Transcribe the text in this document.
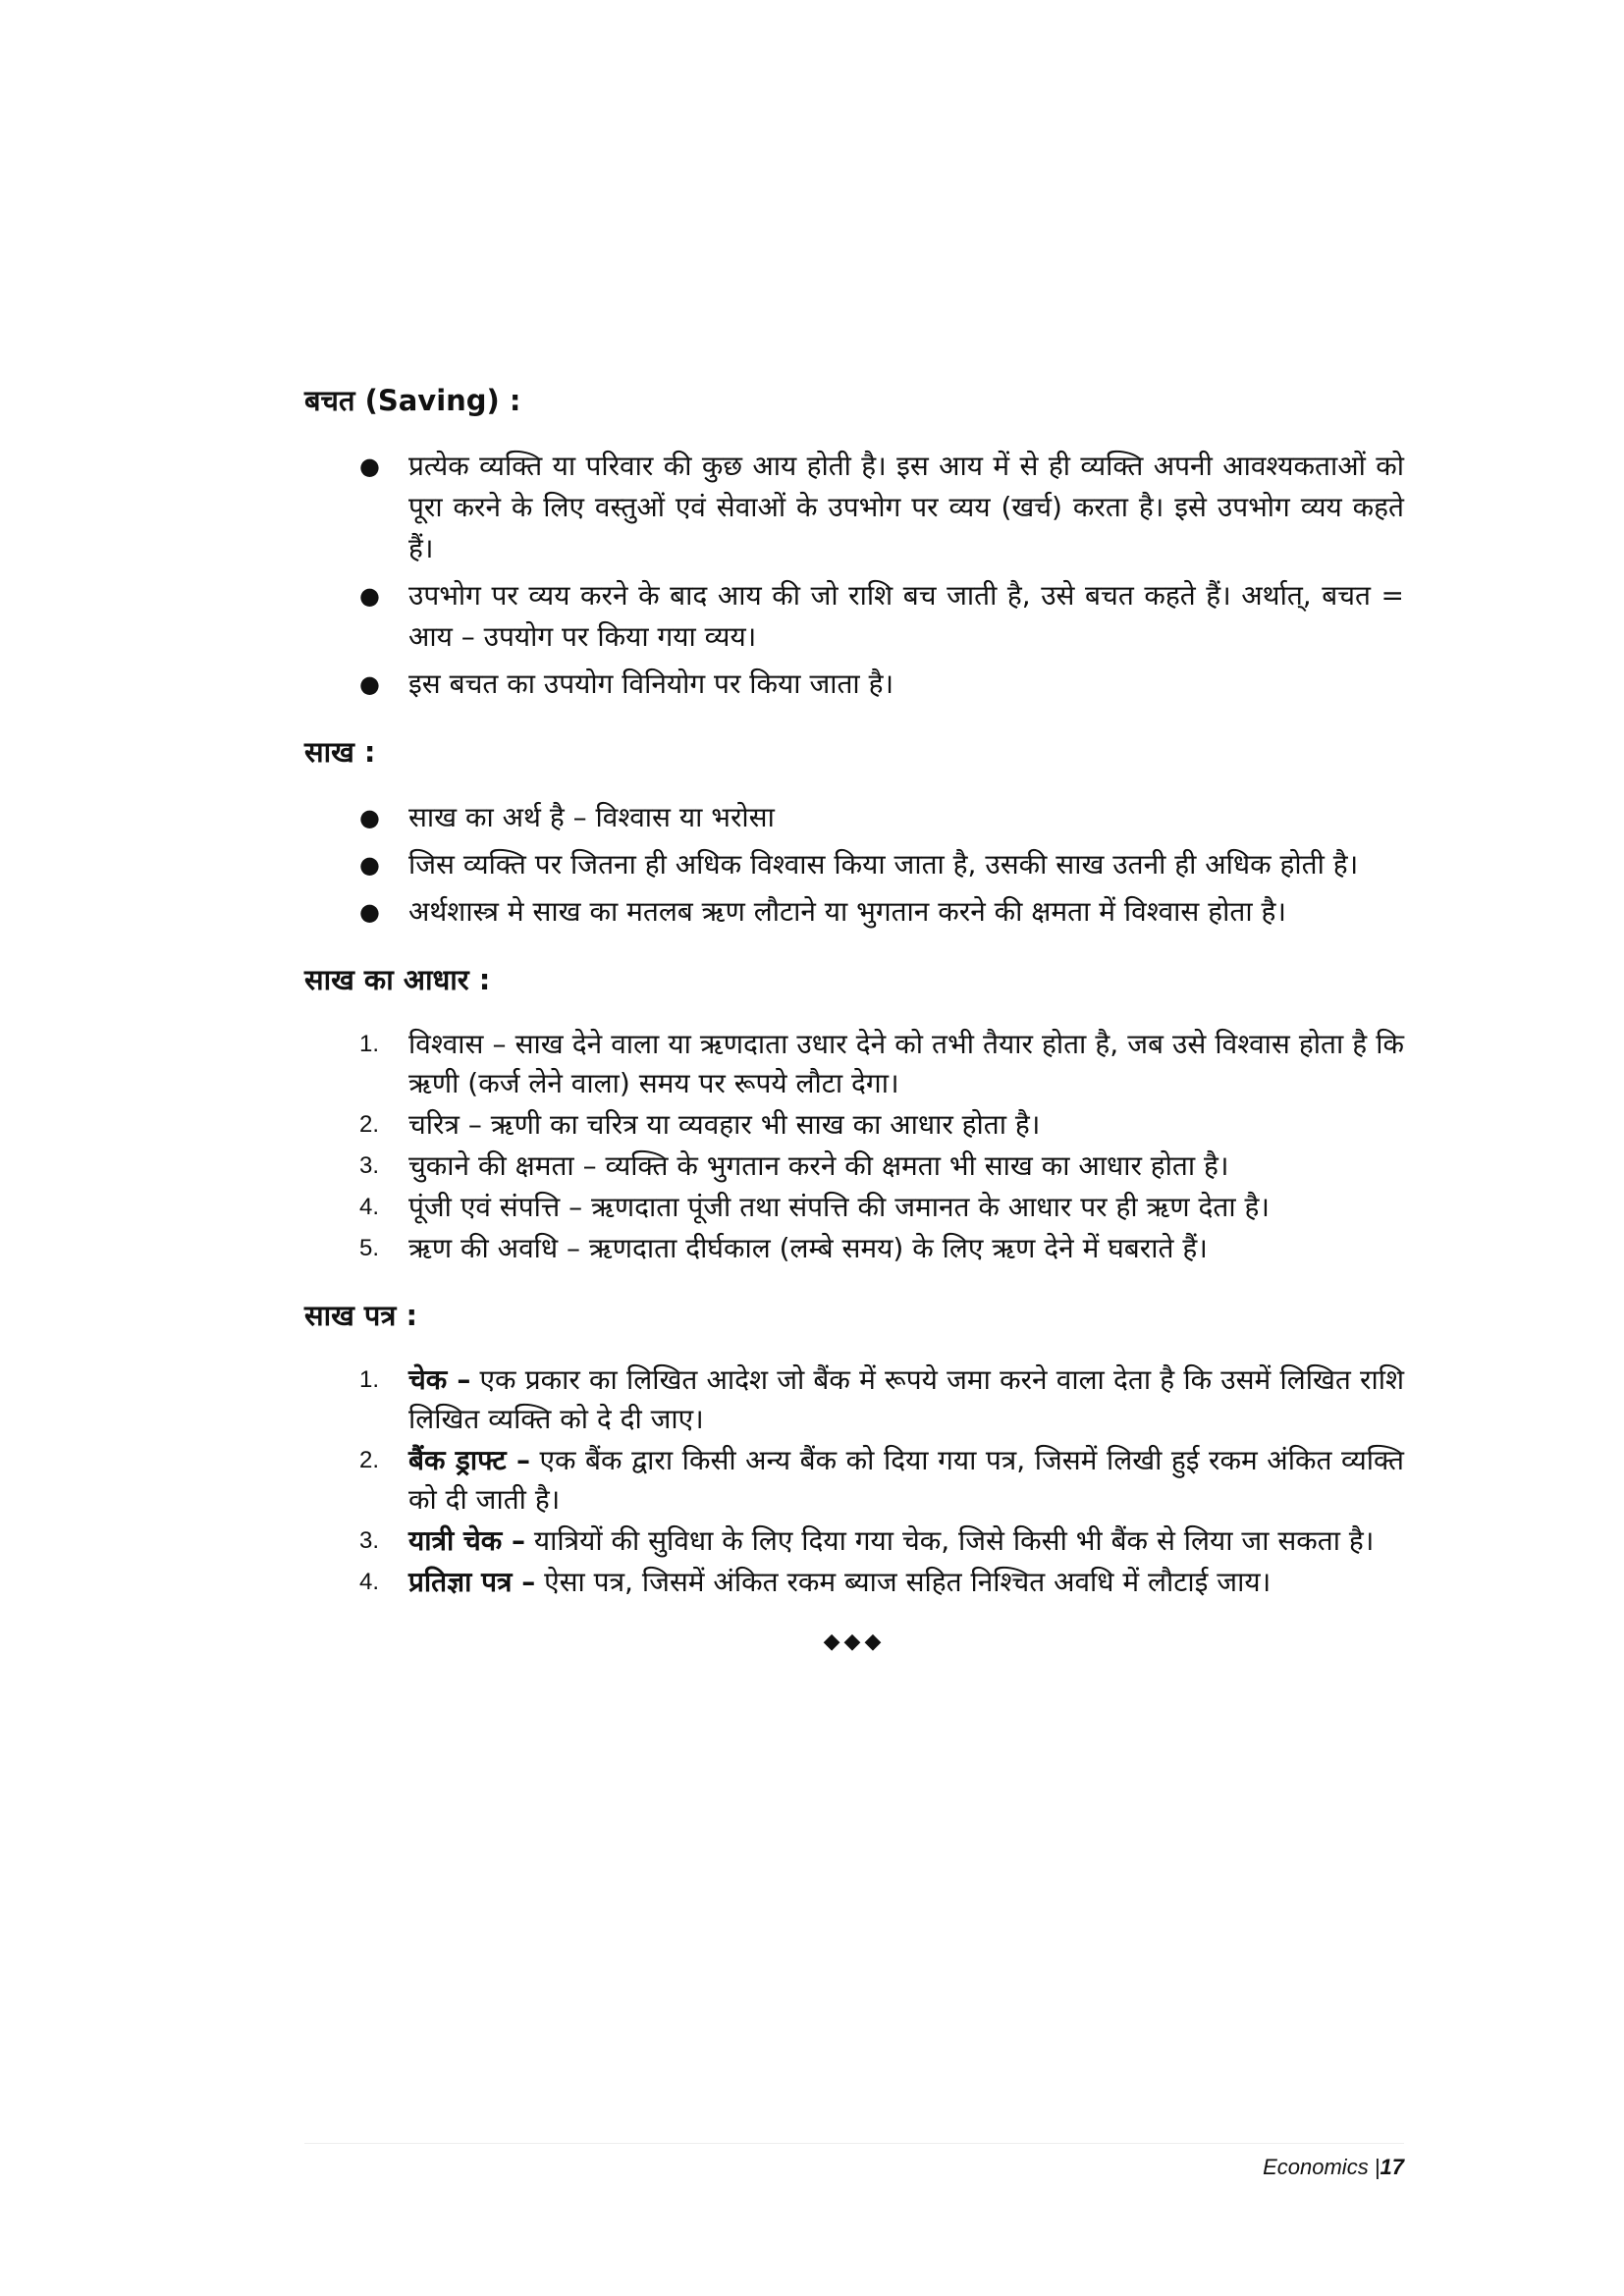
बचत (Saving) :
● प्रत्येक व्यक्ति या परिवार की कुछ आय होती है। इस आय में से ही व्यक्ति अपनी आवश्यकताओं को पूरा करने के लिए वस्तुओं एवं सेवाओं के उपभोग पर व्यय (खर्च) करता है। इसे उपभोग व्यय कहते हैं।
● उपभोग पर व्यय करने के बाद आय की जो राशि बच जाती है, उसे बचत कहते हैं। अर्थात्, बचत = आय – उपयोग पर किया गया व्यय।
● इस बचत का उपयोग विनियोग पर किया जाता है।
साख :
● साख का अर्थ है – विश्वास या भरोसा
● जिस व्यक्ति पर जितना ही अधिक विश्वास किया जाता है, उसकी साख उतनी ही अधिक होती है।
● अर्थशास्त्र मे साख का मतलब ऋण लौटाने या भुगतान करने की क्षमता में विश्वास होता है।
साख का आधार :
1. विश्वास – साख देने वाला या ऋणदाता उधार देने को तभी तैयार होता है, जब उसे विश्वास होता है कि ऋणी (कर्ज लेने वाला) समय पर रूपये लौटा देगा।
2. चरित्र – ऋणी का चरित्र या व्यवहार भी साख का आधार होता है।
3. चुकाने की क्षमता – व्यक्ति के भुगतान करने की क्षमता भी साख का आधार होता है।
4. पूंजी एवं संपत्ति – ऋणदाता पूंजी तथा संपत्ति की जमानत के आधार पर ही ऋण देता है।
5. ऋण की अवधि – ऋणदाता दीर्घकाल (लम्बे समय) के लिए ऋण देने में घबराते हैं।
साख पत्र :
1. चेक – एक प्रकार का लिखित आदेश जो बैंक में रूपये जमा करने वाला देता है कि उसमें लिखित राशि लिखित व्यक्ति को दे दी जाए।
2. बैंक ड्राफ्ट – एक बैंक द्वारा किसी अन्य बैंक को दिया गया पत्र, जिसमें लिखी हुई रकम अंकित व्यक्ति को दी जाती है।
3. यात्री चेक – यात्रियों की सुविधा के लिए दिया गया चेक, जिसे किसी भी बैंक से लिया जा सकता है।
4. प्रतिज्ञा पत्र – ऐसा पत्र, जिसमें अंकित रकम ब्याज सहित निश्चित अवधि में लौटाई जाय।
◆◆◆
Economics |17
